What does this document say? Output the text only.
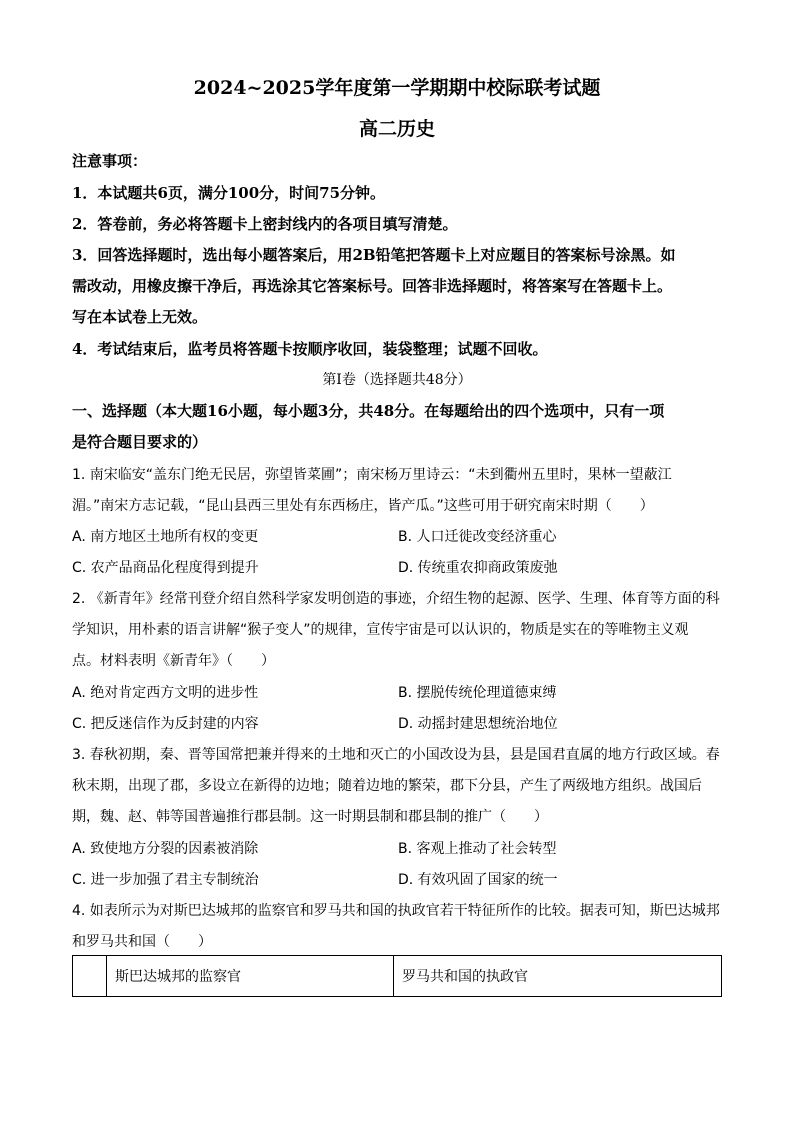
2024~2025学年度第一学期期中校际联考试题
高二历史
注意事项：
1．本试题共6页，满分100分，时间75分钟。
2．答卷前，务必将答题卡上密封线内的各项目填写清楚。
3．回答选择题时，选出每小题答案后，用2B铅笔把答题卡上对应题目的答案标号涂黑。如
需改动，用橡皮擦干净后，再选涂其它答案标号。回答非选择题时，将答案写在答题卡上。
写在本试卷上无效。
4．考试结束后，监考员将答题卡按顺序收回，装袋整理；试题不回收。
第Ⅰ卷（选择题共48分）
一、选择题（本大题16小题，每小题3分，共48分。在每题给出的四个选项中，只有一项
是符合题目要求的）
1. 南宋临安“盖东门绝无民居，弥望皆菜圃”；南宋杨万里诗云：“未到衢州五里时，果林一望蔽江
湄。”南宋方志记载，“昆山县西三里处有东西杨庄，皆产瓜。”这些可用于研究南宋时期（　　）
A. 南方地区土地所有权的变更	B. 人口迁徙改变经济重心
C. 农产品商品化程度得到提升	D. 传统重农抑商政策废弛
2. 《新青年》经常刊登介绍自然科学家发明创造的事迹，介绍生物的起源、医学、生理、体育等方面的科
学知识，用朴素的语言讲解“猴子变人”的规律，宣传宇宙是可以认识的，物质是实在的等唯物主义观
点。材料表明《新青年》（　　）
A. 绝对肯定西方文明的进步性	B. 摆脱传统伦理道德束缚
C. 把反迷信作为反封建的内容	D. 动摇封建思想统治地位
3. 春秋初期，秦、晋等国常把兼并得来的土地和灭亡的小国改设为县，县是国君直属的地方行政区域。春
秋末期，出现了郡，多设立在新得的边地；随着边地的繁荣，郡下分县，产生了两级地方组织。战国后
期，魏、赵、韩等国普遍推行郡县制。这一时期县制和郡县制的推广（　　）
A. 致使地方分裂的因素被消除	B. 客观上推动了社会转型
C. 进一步加强了君主专制统治	D. 有效巩固了国家的统一
4. 如表所示为对斯巴达城邦的监察官和罗马共和国的执政官若干特征所作的比较。据表可知，斯巴达城邦
和罗马共和国（　　）
	斯巴达城邦的监察官	罗马共和国的执政官
